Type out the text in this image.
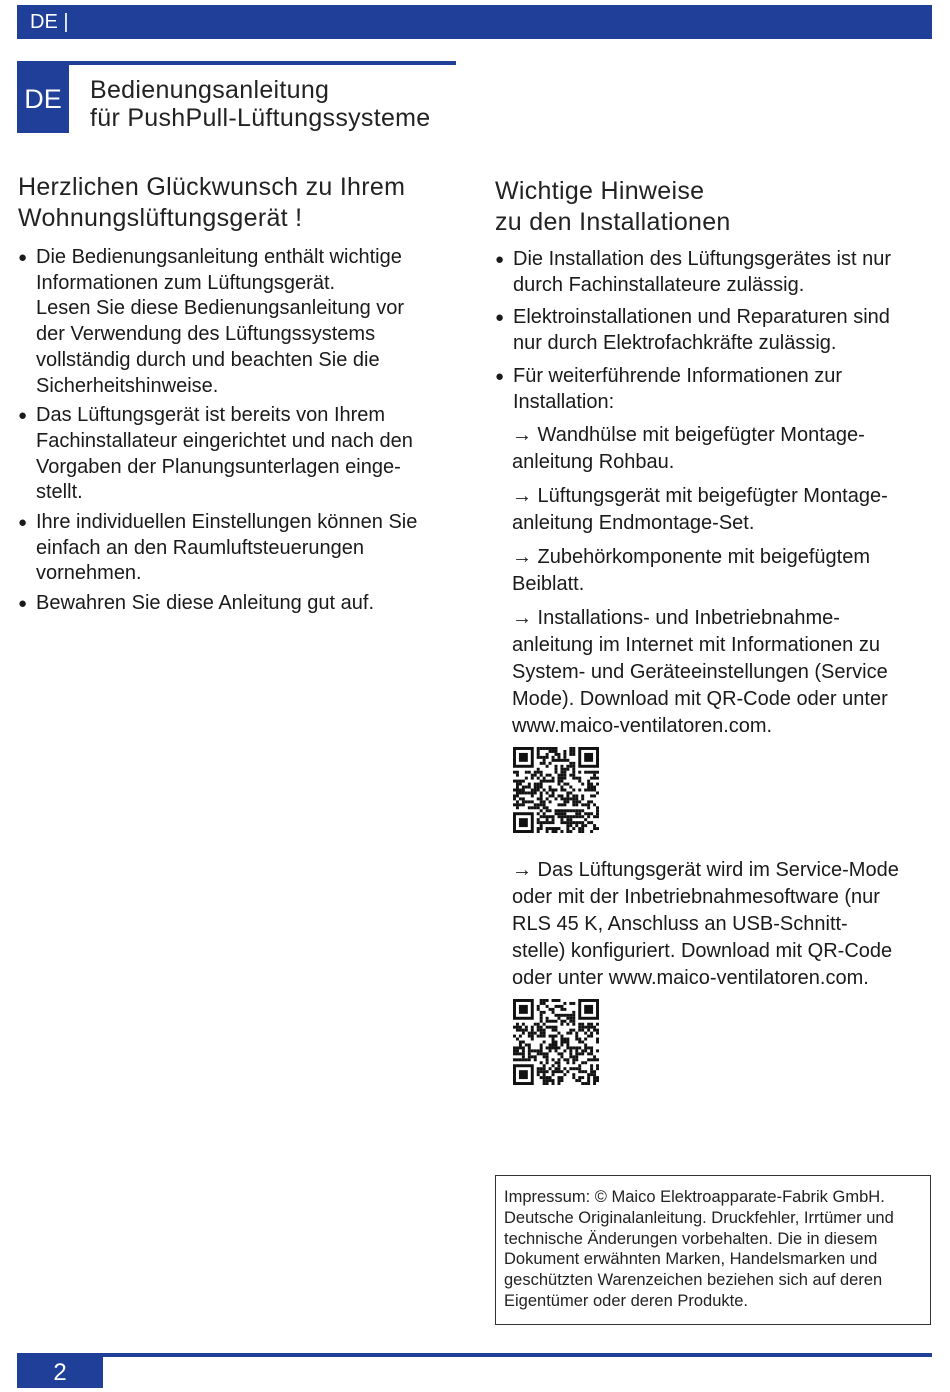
DE |
DE Bedienungsanleitung
für PushPull-Lüftungssysteme
Herzlichen Glückwunsch zu Ihrem
Wohnungslüftungsgerät !
● Die Bedienungsanleitung enthält wichtige
Informationen zum Lüftungsgerät.
Lesen Sie diese Bedienungsanleitung vor
der Verwendung des Lüftungssystems
vollständig durch und beachten Sie die
Sicherheitshinweise.
● Das Lüftungsgerät ist bereits von Ihrem
Fachinstallateur eingerichtet und nach den
Vorgaben der Planungsunterlagen einge-
stellt.
● Ihre individuellen Einstellungen können Sie
einfach an den Raumluftsteuerungen
vornehmen.
● Bewahren Sie diese Anleitung gut auf.
Wichtige Hinweise
zu den Installationen
● Die Installation des Lüftungsgerätes ist nur
durch Fachinstallateure zulässig.
● Elektroinstallationen und Reparaturen sind
nur durch Elektrofachkräfte zulässig.
● Für weiterführende Informationen zur
Installation:

→ Wandhülse mit beigefügter Montage-
anleitung Rohbau.

→ Lüftungsgerät mit beigefügter Montage-
anleitung Endmontage-Set.

→ Zubehörkomponente mit beigefügtem
Beiblatt.

→ Installations- und Inbetriebnahme-
anleitung im Internet mit Informationen zu
System- und Geräteeinstellungen (Service
Mode). Download mit QR-Code oder unter
www.maico-ventilatoren.com.

→ Das Lüftungsgerät wird im Service-Mode
oder mit der Inbetriebnahmesoftware (nur
RLS 45 K, Anschluss an USB-Schnitt-
stelle) konfiguriert. Download mit QR-Code
oder unter www.maico-ventilatoren.com.

Impressum: © Maico Elektroapparate-Fabrik GmbH.
Deutsche Originalanleitung. Druckfehler, Irrtümer und
technische Änderungen vorbehalten. Die in diesem
Dokument erwähnten Marken, Handelsmarken und
geschützten Warenzeichen beziehen sich auf deren
Eigentümer oder deren Produkte.
2
